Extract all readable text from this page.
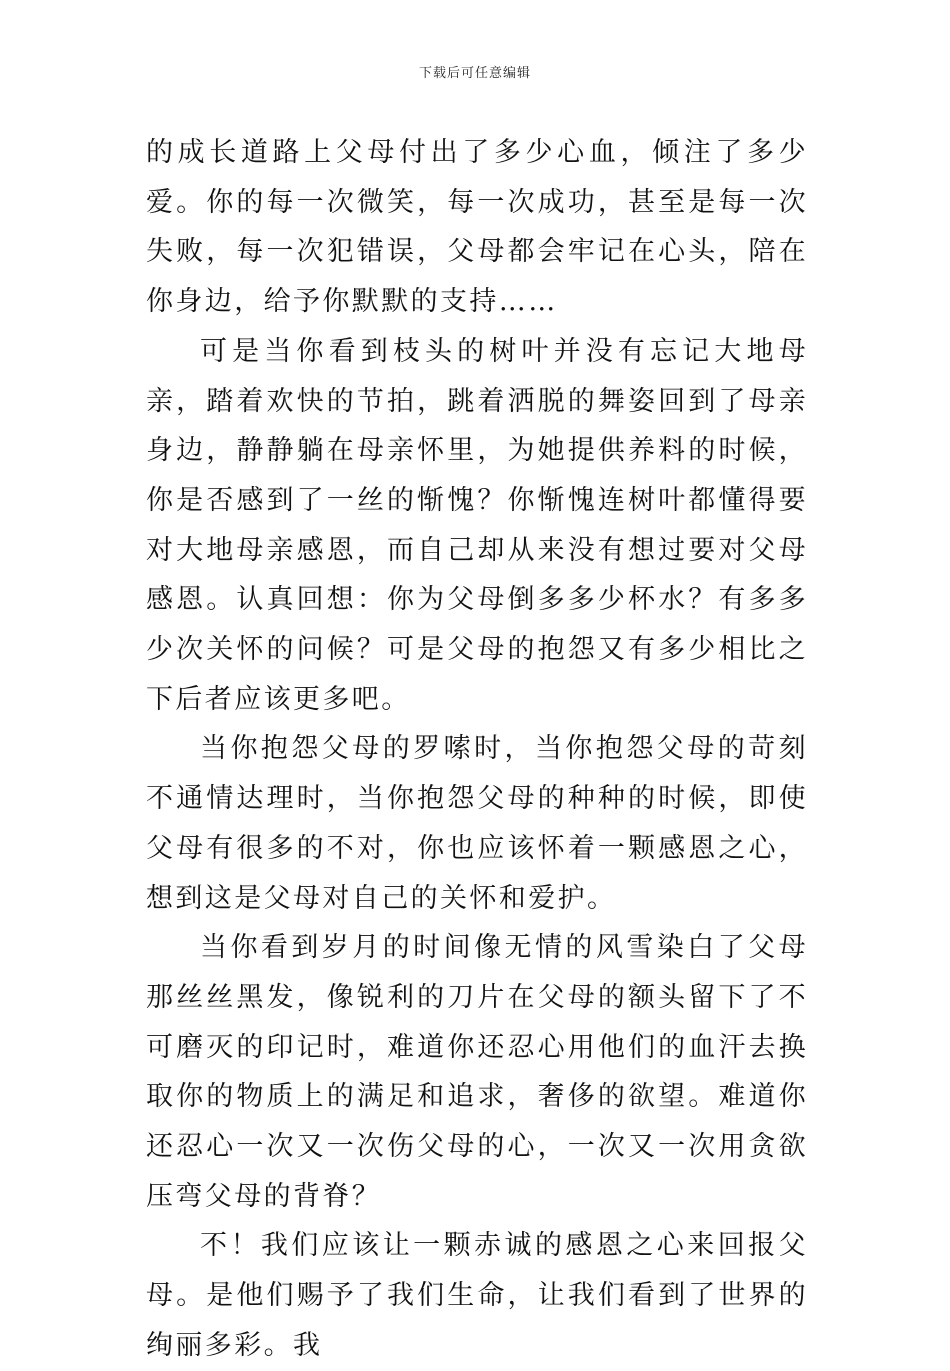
下载后可任意编辑

的成长道路上父母付出了多少心血，倾注了多少爱。你的每一次微笑，每一次成功，甚至是每一次失败，每一次犯错误，父母都会牢记在心头，陪在你身边，给予你默默的支持……

可是当你看到枝头的树叶并没有忘记大地母亲，踏着欢快的节拍，跳着洒脱的舞姿回到了母亲身边，静静躺在母亲怀里，为她提供养料的时候，你是否感到了一丝的惭愧？你惭愧连树叶都懂得要对大地母亲感恩，而自己却从来没有想过要对父母感恩。认真回想：你为父母倒多多少杯水？有多多少次关怀的问候？可是父母的抱怨又有多少相比之下后者应该更多吧。

当你抱怨父母的罗嗦时，当你抱怨父母的苛刻不通情达理时，当你抱怨父母的种种的时候，即使父母有很多的不对，你也应该怀着一颗感恩之心，想到这是父母对自己的关怀和爱护。

当你看到岁月的时间像无情的风雪染白了父母那丝丝黑发，像锐利的刀片在父母的额头留下了不可磨灭的印记时，难道你还忍心用他们的血汗去换取你的物质上的满足和追求，奢侈的欲望。难道你还忍心一次又一次伤父母的心，一次又一次用贪欲压弯父母的背脊？

不！我们应该让一颗赤诚的感恩之心来回报父母。是他们赐予了我们生命，让我们看到了世界的绚丽多彩。我
